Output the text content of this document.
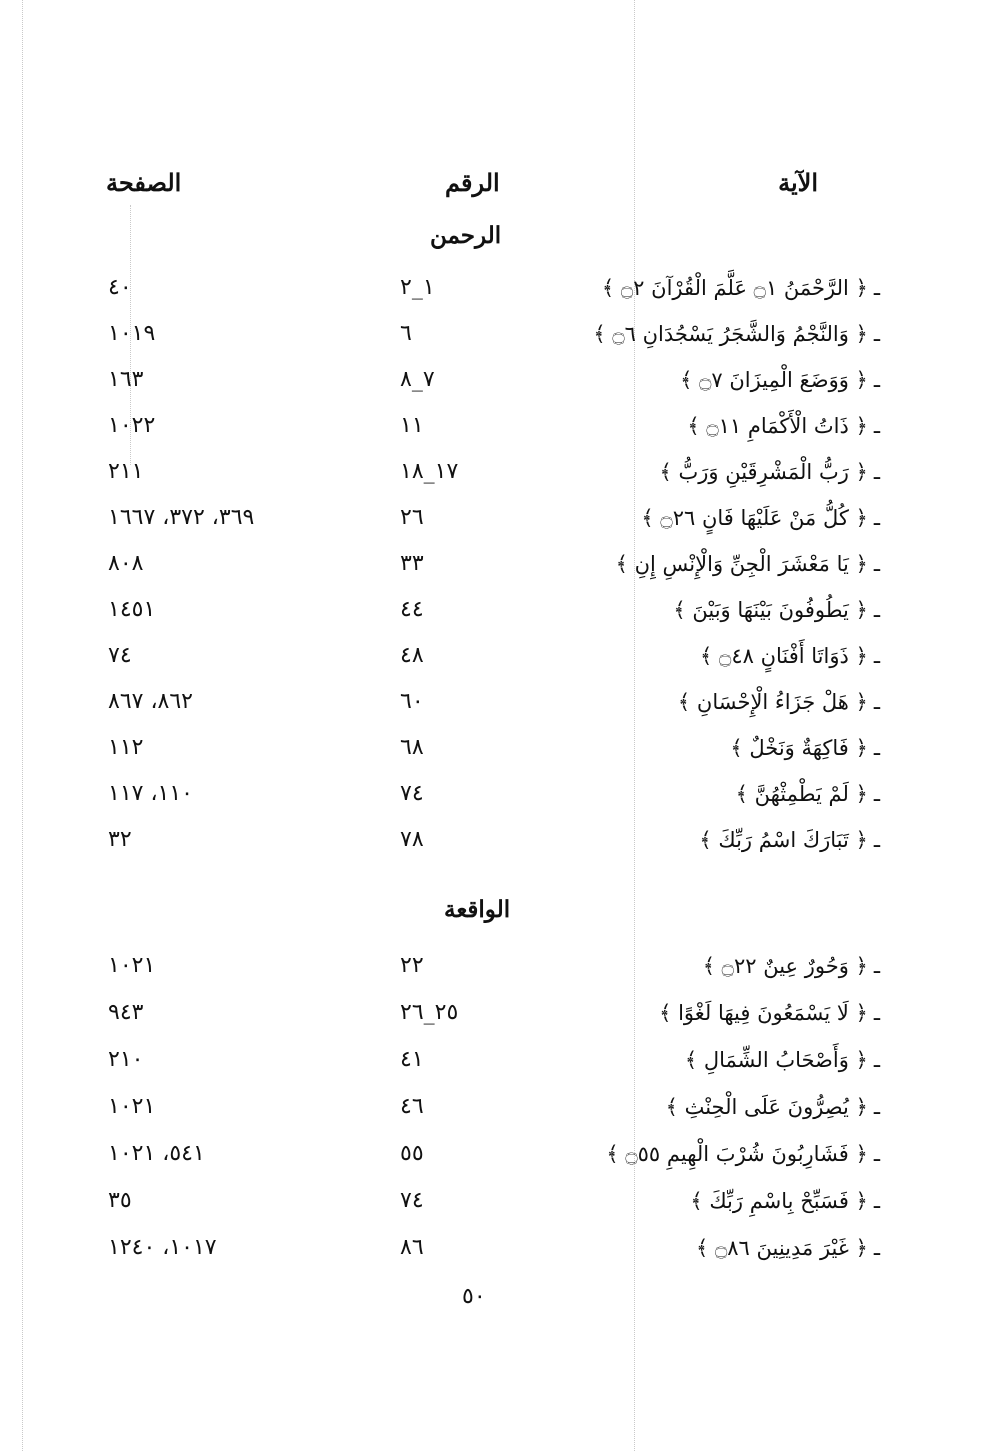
الآية
الرقم
الصفحة
الرحمن
ـ﴿ الرَّحْمَنُ ۝١ عَلَّمَ الْقُرْآنَ ۝٢ ﴾
١_٢
٤٠
ـ﴿ وَالنَّجْمُ وَالشَّجَرُ يَسْجُدَانِ ۝٦ ﴾
٦
١٠١٩
ـ﴿ وَوَضَعَ الْمِيزَانَ ۝٧ ﴾
٧_٨
١٦٣
ـ﴿ ذَاتُ الْأَكْمَامِ ۝١١ ﴾
١١
١٠٢٢
ـ﴿ رَبُّ الْمَشْرِقَيْنِ وَرَبُّ ﴾
١٧_١٨
٢١١
ـ﴿ كُلُّ مَنْ عَلَيْهَا فَانٍ ۝٢٦ ﴾
٢٦
٣٦٩، ٣٧٢، ١٦٦٧
ـ﴿ يَا مَعْشَرَ الْجِنِّ وَالْإِنْسِ إِنِ ﴾
٣٣
٨٠٨
ـ﴿ يَطُوفُونَ بَيْنَهَا وَبَيْنَ ﴾
٤٤
١٤٥١
ـ﴿ ذَوَاتَا أَفْنَانٍ ۝٤٨ ﴾
٤٨
٧٤
ـ﴿ هَلْ جَزَاءُ الْإِحْسَانِ ﴾
٦٠
٨٦٢، ٨٦٧
ـ﴿ فَاكِهَةٌ وَنَخْلٌ ﴾
٦٨
١١٢
ـ﴿ لَمْ يَطْمِثْهُنَّ ﴾
٧٤
١١٠، ١١٧
ـ﴿ تَبَارَكَ اسْمُ رَبِّكَ ﴾
٧٨
٣٢
الواقعة
ـ﴿ وَحُورٌ عِينٌ ۝٢٢ ﴾
٢٢
١٠٢١
ـ﴿ لَا يَسْمَعُونَ فِيهَا لَغْوًا ﴾
٢٥_٢٦
٩٤٣
ـ﴿ وَأَصْحَابُ الشِّمَالِ ﴾
٤١
٢١٠
ـ﴿ يُصِرُّونَ عَلَى الْحِنْثِ ﴾
٤٦
١٠٢١
ـ﴿ فَشَارِبُونَ شُرْبَ الْهِيمِ ۝٥٥ ﴾
٥٥
٥٤١، ١٠٢١
ـ﴿ فَسَبِّحْ بِاسْمِ رَبِّكَ ﴾
٧٤
٣٥
ـ﴿ غَيْرَ مَدِينِينَ ۝٨٦ ﴾
٨٦
١٠١٧، ١٢٤٠
٥٠
